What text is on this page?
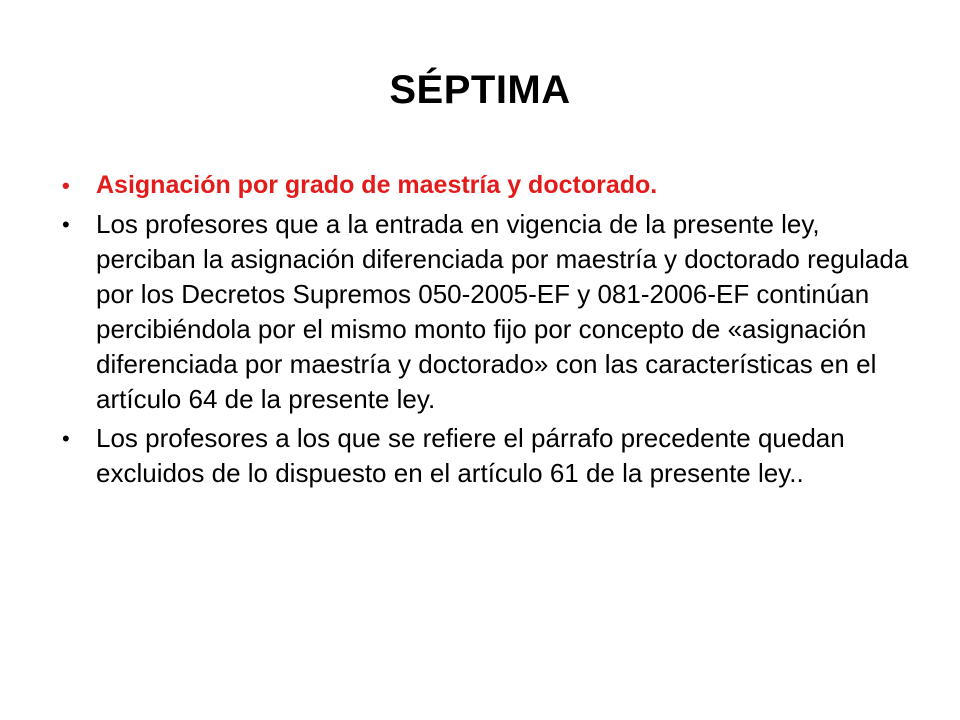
SÉPTIMA
•	Asignación por grado de maestría y doctorado.
•	Los profesores que a la entrada en vigencia de la presente ley, perciban la asignación diferenciada por maestría y doctorado regulada por los Decretos Supremos 050-2005-EF y 081-2006-EF continúan percibiéndola por el mismo monto fijo por concepto de «asignación diferenciada por maestría y doctorado» con las características en el artículo 64 de la presente ley.
•	Los profesores a los que se refiere el párrafo precedente quedan excluidos de lo dispuesto en el artículo 61 de la presente ley..
